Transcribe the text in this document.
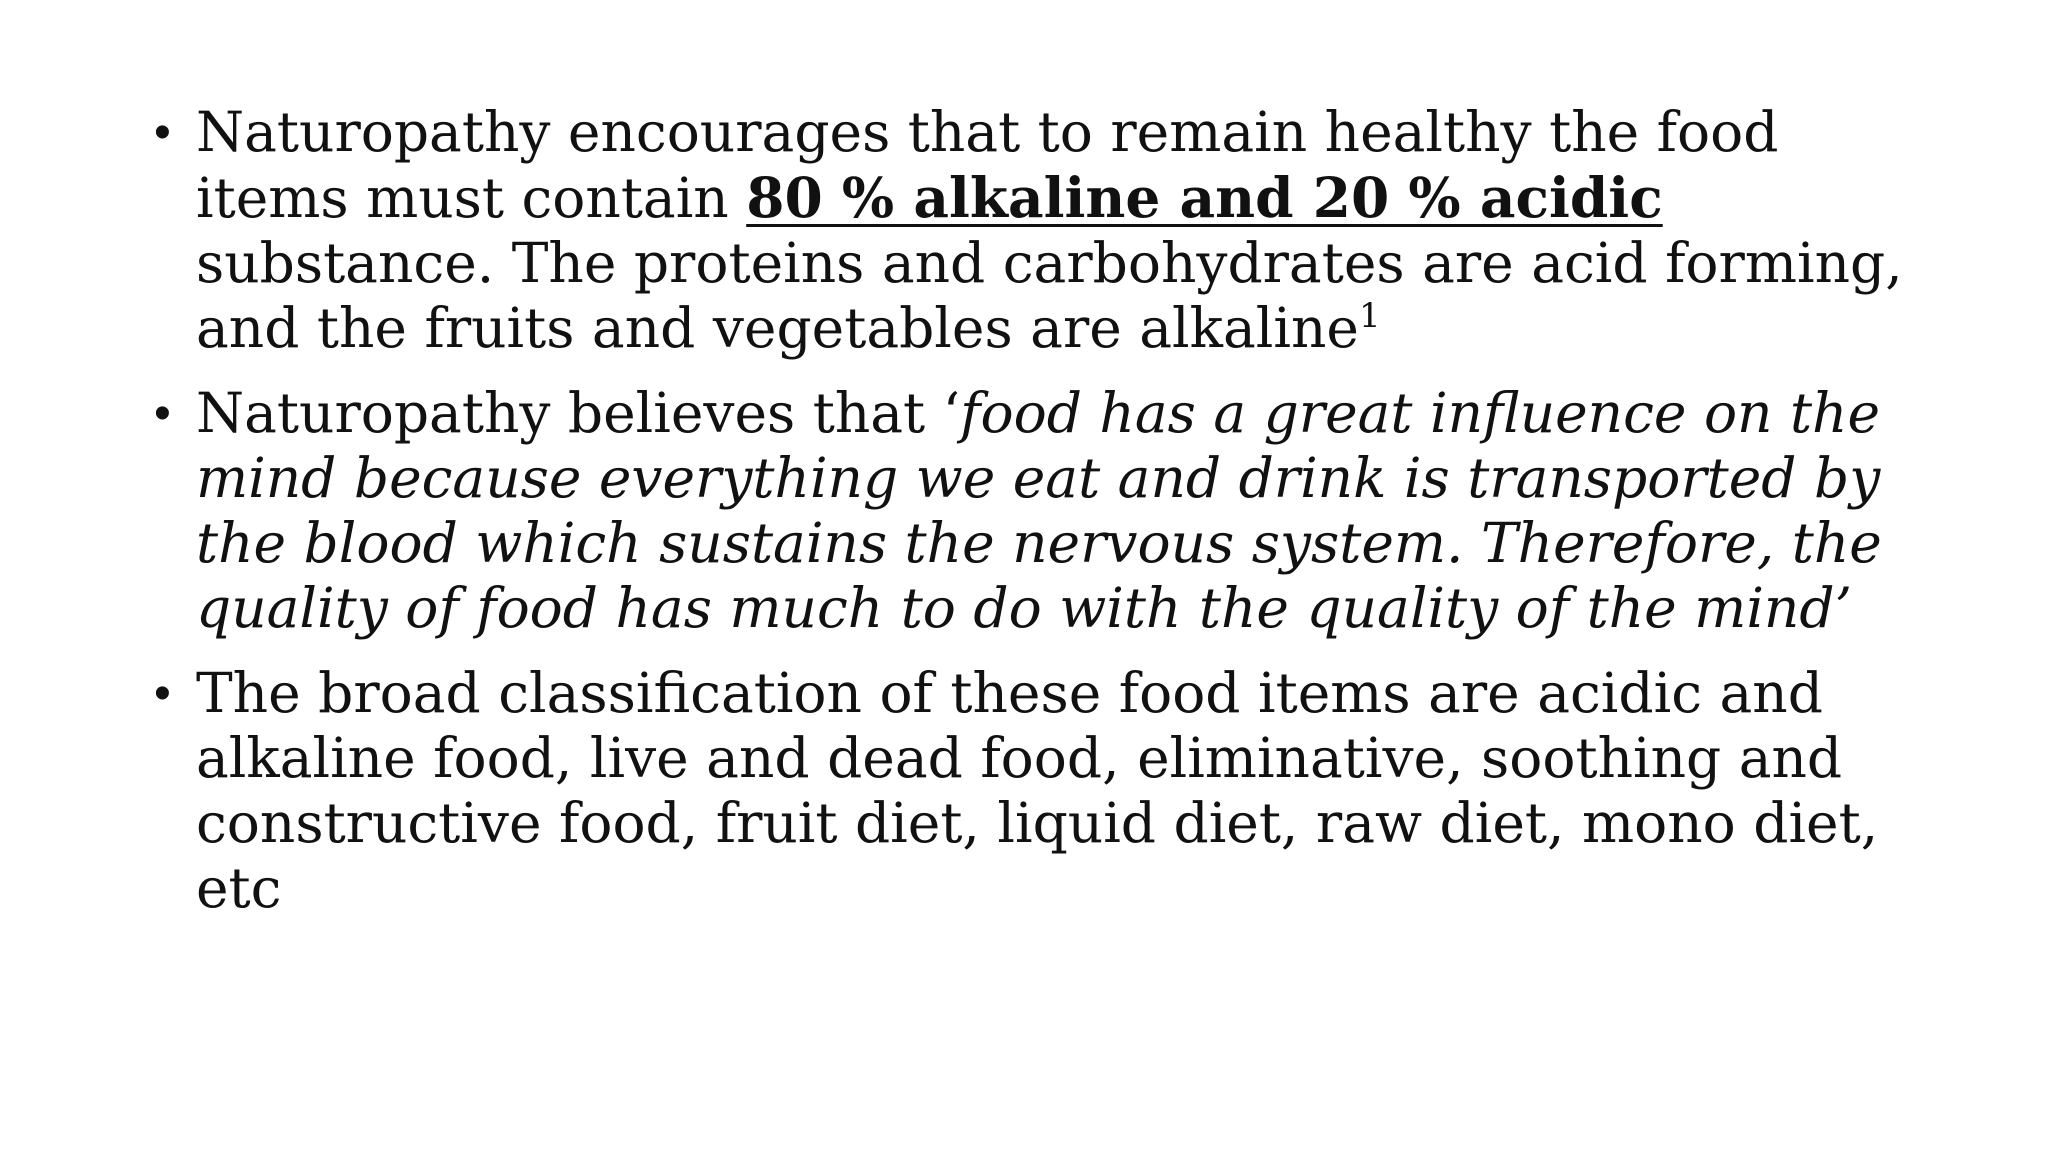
• Naturopathy encourages that to remain healthy the food items must contain 80 % alkaline and 20 % acidic substance. The proteins and carbohydrates are acid forming, and the fruits and vegetables are alkaline$^1$
• Naturopathy believes that ‘food has a great influence on the mind because everything we eat and drink is transported by the blood which sustains the nervous system. Therefore, the quality of food has much to do with the quality of the mind’
• The broad classification of these food items are acidic and alkaline food, live and dead food, eliminative, soothing and constructive food, fruit diet, liquid diet, raw diet, mono diet, etc
